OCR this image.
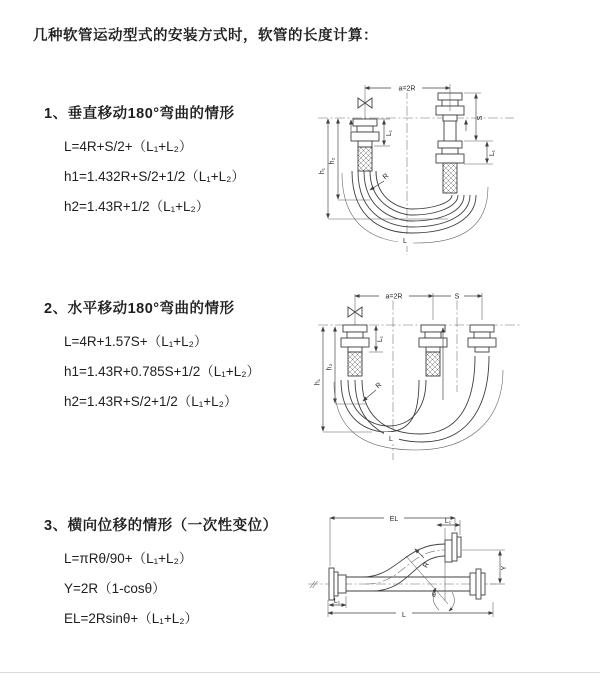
几种软管运动型式的安装方式时，软管的长度计算：
1、垂直移动180°弯曲的情形
L=4R+S/2+（L₁+L₂）
h1=1.432R+S/2+1/2（L₁+L₂）
h2=1.43R+1/2（L₁+L₂）
2、水平移动180°弯曲的情形
L=4R+1.57S+（L₁+L₂）
h1=1.43R+0.785S+1/2（L₁+L₂）
h2=1.43R+S/2+1/2（L₁+L₂）
3、横向位移的情形（一次性变位）
L=πRθ/90+（L₁+L₂）
Y=2R（1-cosθ）
EL=2Rsinθ+（L₁+L₂）
a=2R
S
L₁
L₁
h₁
h₂
L
R
a=2R	S
h₁
h₂
L₁
L
R
θ
EL	L₁
Y
L
L₁
R
